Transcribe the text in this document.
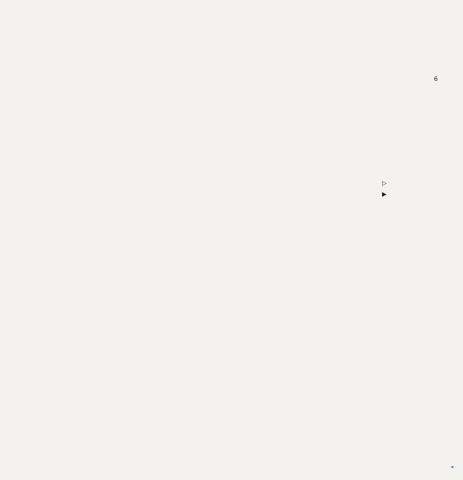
6
▷
▶
.
